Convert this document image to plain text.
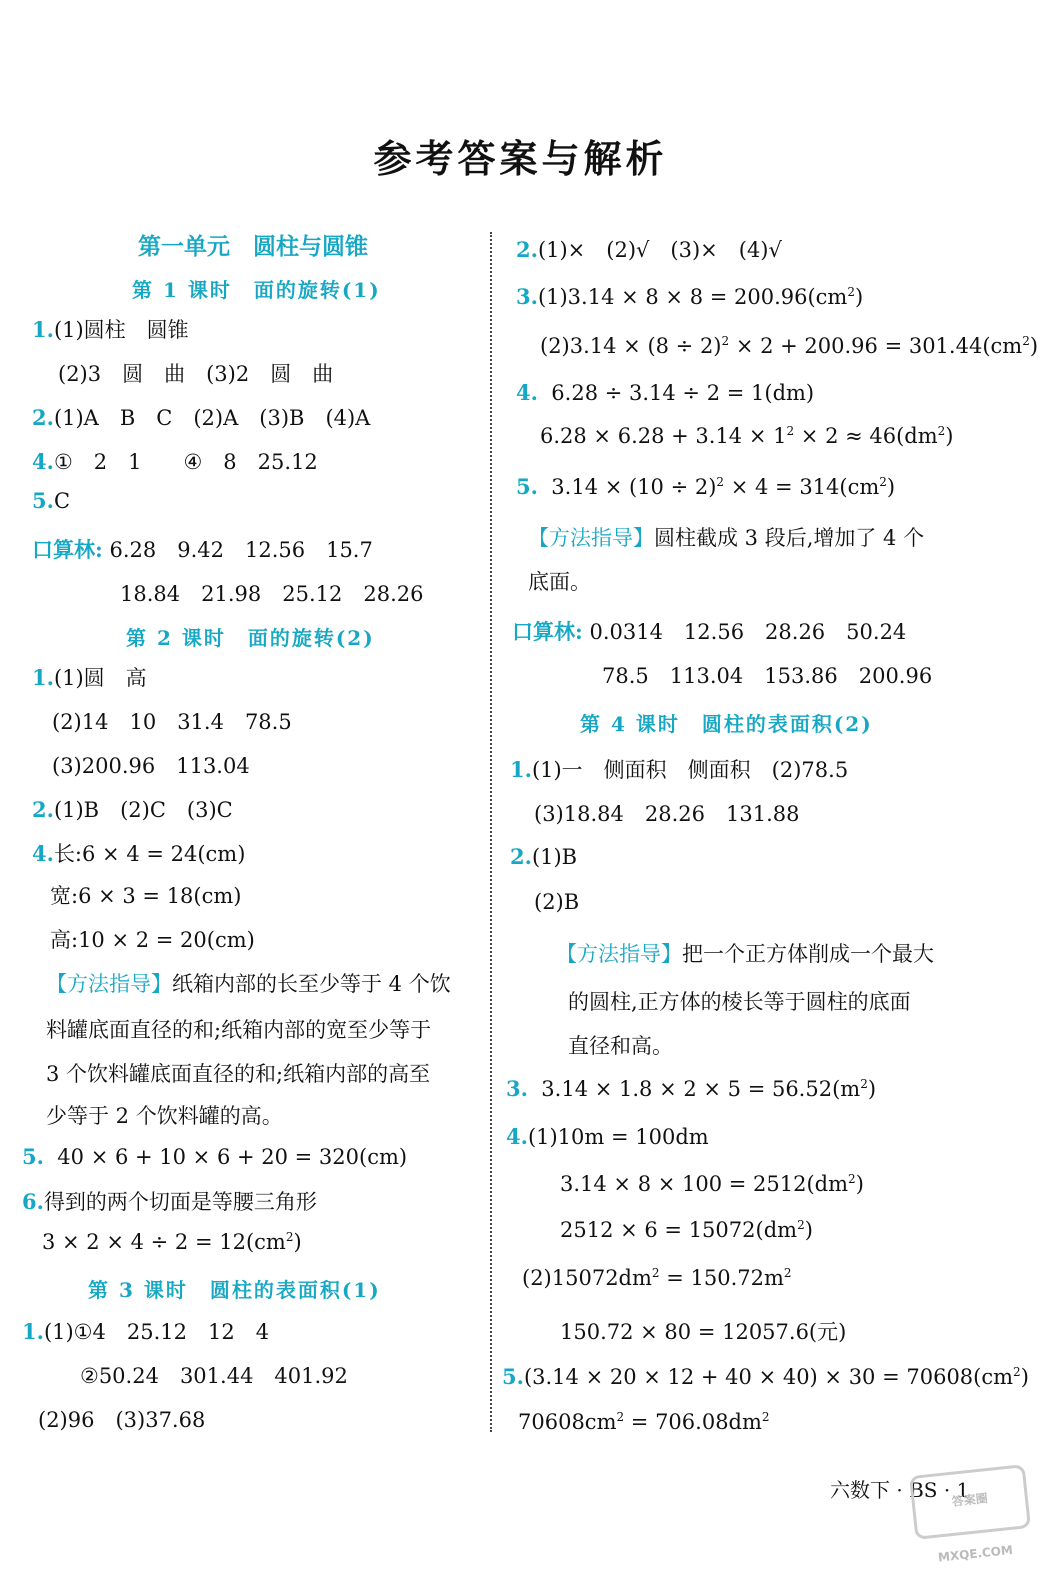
参考答案与解析
第一单元　圆柱与圆锥
第 1 课时　面的旋转(1)
1.(1)圆柱　圆锥
(2)3　圆　曲　(3)2　圆　曲
2.(1)A　B　C　(2)A　(3)B　(4)A
4.①　2　1　　④　8　25.12
5.C
口算林: 6.28　9.42　12.56　15.7
18.84　21.98　25.12　28.26
第 2 课时　面的旋转(2)
1.(1)圆　高
(2)14　10　31.4　78.5
(3)200.96　113.04
2.(1)B　(2)C　(3)C
4.长:6 × 4 = 24(cm)
宽:6 × 3 = 18(cm)
高:10 × 2 = 20(cm)
【方法指导】纸箱内部的长至少等于 4 个饮
料罐底面直径的和;纸箱内部的宽至少等于
3 个饮料罐底面直径的和;纸箱内部的高至
少等于 2 个饮料罐的高。
5. 40 × 6 + 10 × 6 + 20 = 320(cm)
6.得到的两个切面是等腰三角形
$3 \times 2 \times 4 \div 2 = 12(cm^2)$
第 3 课时　圆柱的表面积(1)
1.(1)①4　25.12　12　4
②50.24　301.44　401.92
(2)96　(3)37.68
2.(1)×　(2)√　(3)×　(4)√
$3.(1)3.14 \times 8 \times 8 = 200.96(cm^2)$
$(2)3.14 \times (8 \div 2)^2 \times 2 + 200.96 = 301.44(cm^2)$
4. 6.28 ÷ 3.14 ÷ 2 = 1(dm)
$6.28 \times 6.28 + 3.14 \times 1^2 \times 2 \approx 46(dm^2)$
5. $3.14 \times (10 \div 2)^2 \times 4 = 314(cm^2)$
【方法指导】圆柱截成 3 段后,增加了 4 个
底面。
口算林: 0.0314　12.56　28.26　50.24
78.5　113.04　153.86　200.96
第 4 课时　圆柱的表面积(2)
1.(1)一　侧面积　侧面积　(2)78.5
(3)18.84　28.26　131.88
2.(1)B
(2)B
【方法指导】把一个正方体削成一个最大
的圆柱,正方体的棱长等于圆柱的底面
直径和高。
3. $3.14 \times 1.8 \times 2 \times 5 = 56.52(m^2)$
4.(1)10m = 100dm
$3.14 \times 8 \times 100 = 2512(dm^2)$
$2512 \times 6 = 15072(dm^2)$
$(2)15072dm^2 = 150.72m^2$
150.72 × 80 = 12057.6(元)
$5.(3.14 \times 20 \times 12 + 40 \times 40) \times 30 = 70608(cm^2)$
$70608cm^2 = 706.08dm^2$
六数下 · BS · 1
答案圈 MXQE.COM
